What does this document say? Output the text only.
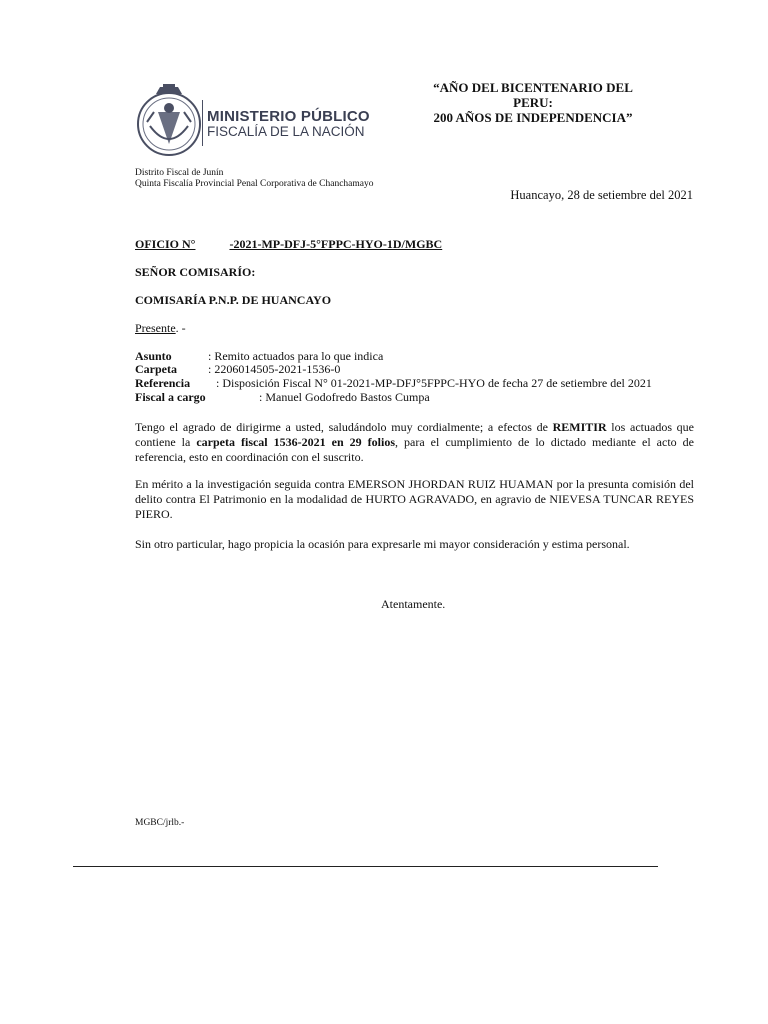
MINISTERIO PÚBLICO
FISCALÍA DE LA NACIÓN
“AÑO DEL BICENTENARIO DEL
PERU:
200 AÑOS DE INDEPENDENCIA”
Distrito Fiscal de Junín
Quinta Fiscalía Provincial Penal Corporativa de Chanchamayo
Huancayo, 28 de setiembre del 2021
OFICIO N°	-2021-MP-DFJ-5°FPPC-HYO-1D/MGBC
SEÑOR COMISARÍO:
COMISARÍA P.N.P. DE HUANCAYO
Presente. -
Asunto	: Remito actuados para lo que indica
Carpeta	: 2206014505-2021-1536-0
Referencia : Disposición Fiscal N° 01-2021-MP-DFJ°5FPPC-HYO de fecha 27 de setiembre del 2021
Fiscal a cargo	: Manuel Godofredo Bastos Cumpa
Tengo el agrado de dirigirme a usted, saludándolo muy cordialmente; a efectos de REMITIR los actuados que contiene la carpeta fiscal 1536-2021 en 29 folios, para el cumplimiento de lo dictado mediante el acto de referencia, esto en coordinación con el suscrito.
En mérito a la investigación seguida contra EMERSON JHORDAN RUIZ HUAMAN por la presunta comisión del delito contra El Patrimonio en la modalidad de HURTO AGRAVADO, en agravio de NIEVESA TUNCAR REYES PIERO.
Sin otro particular, hago propicia la ocasión para expresarle mi mayor consideración y estima personal.
Atentamente.
MGBC/jrlb.-
